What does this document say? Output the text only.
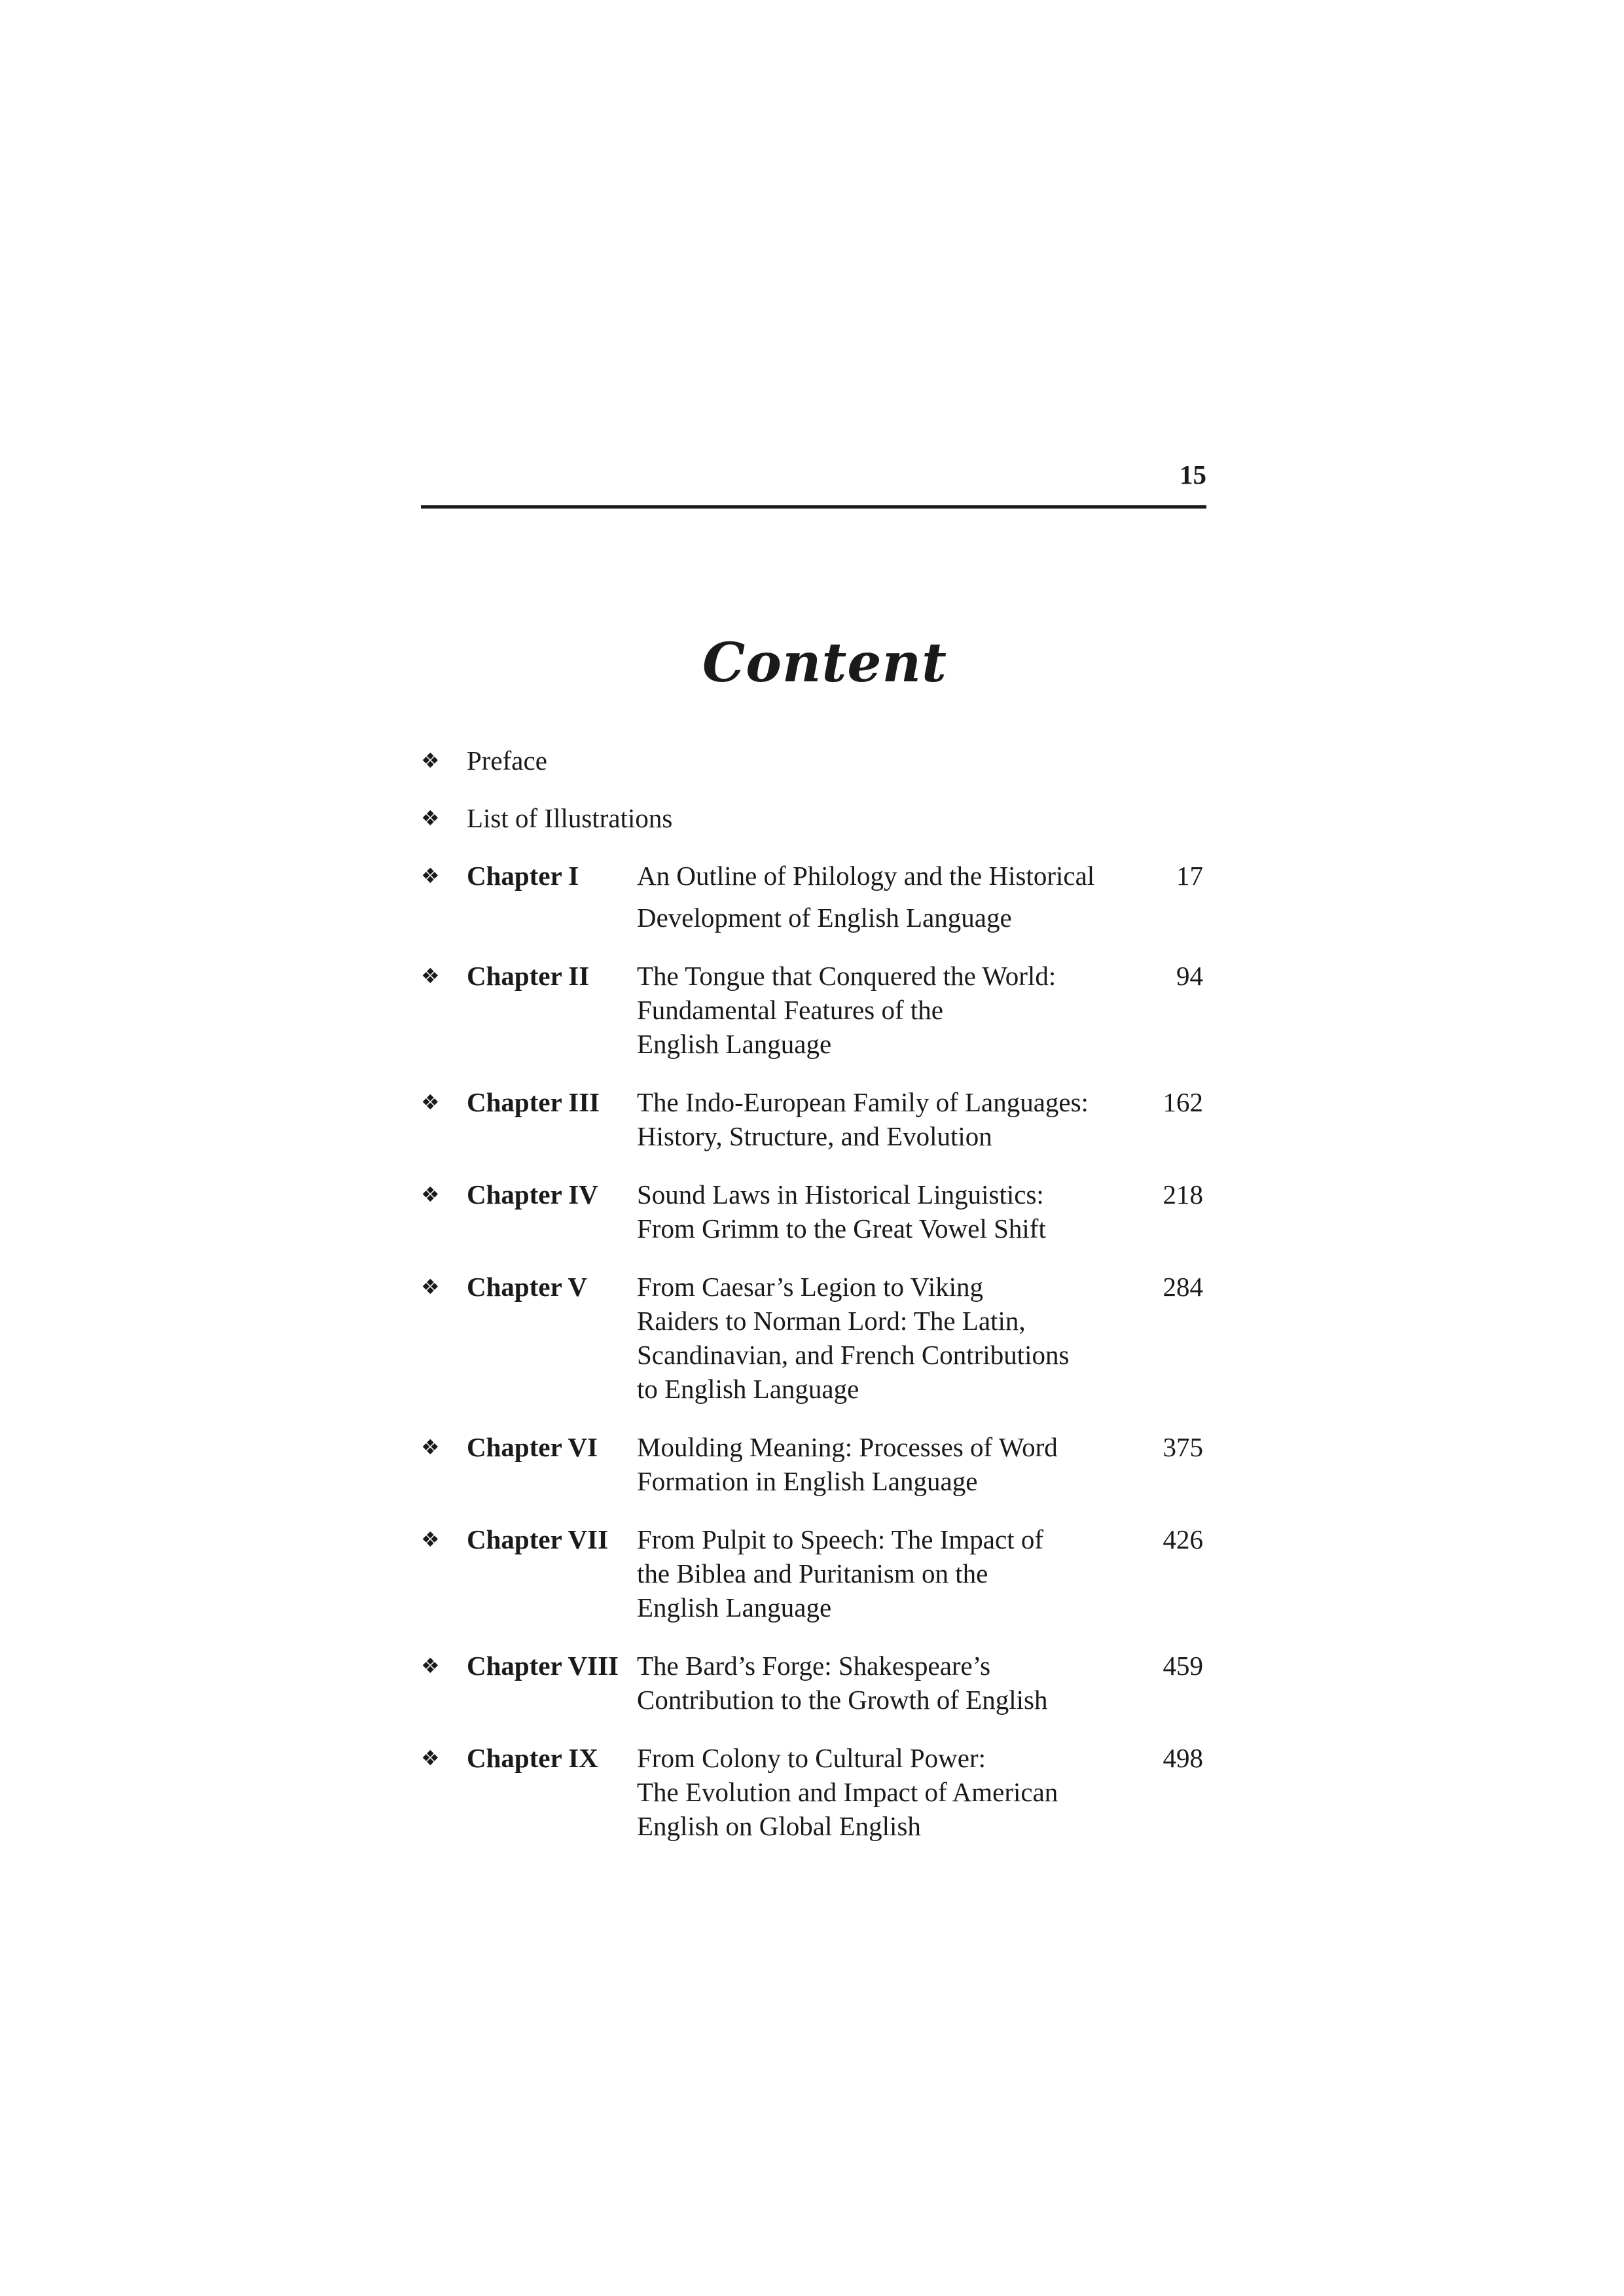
15
Content
❖ Preface
❖ List of Illustrations
❖ Chapter I An Outline of Philology and the Historical
Development of English Language
17
❖ Chapter II The Tongue that Conquered the World:
Fundamental Features of the
English Language
94
❖ Chapter III The Indo-European Family of Languages:
History, Structure, and Evolution
162
❖ Chapter IV Sound Laws in Historical Linguistics:
From Grimm to the Great Vowel Shift
218
❖ Chapter V From Caesar’s Legion to Viking
Raiders to Norman Lord: The Latin,
Scandinavian, and French Contributions
to English Language
284
❖ Chapter VI Moulding Meaning: Processes of Word
Formation in English Language
375
❖ Chapter VII From Pulpit to Speech: The Impact of
the Biblea and Puritanism on the
English Language
426
❖ Chapter VIII The Bard’s Forge: Shakespeare’s
Contribution to the Growth of English
459
❖ Chapter IX From Colony to Cultural Power:
The Evolution and Impact of American
English on Global English
498
